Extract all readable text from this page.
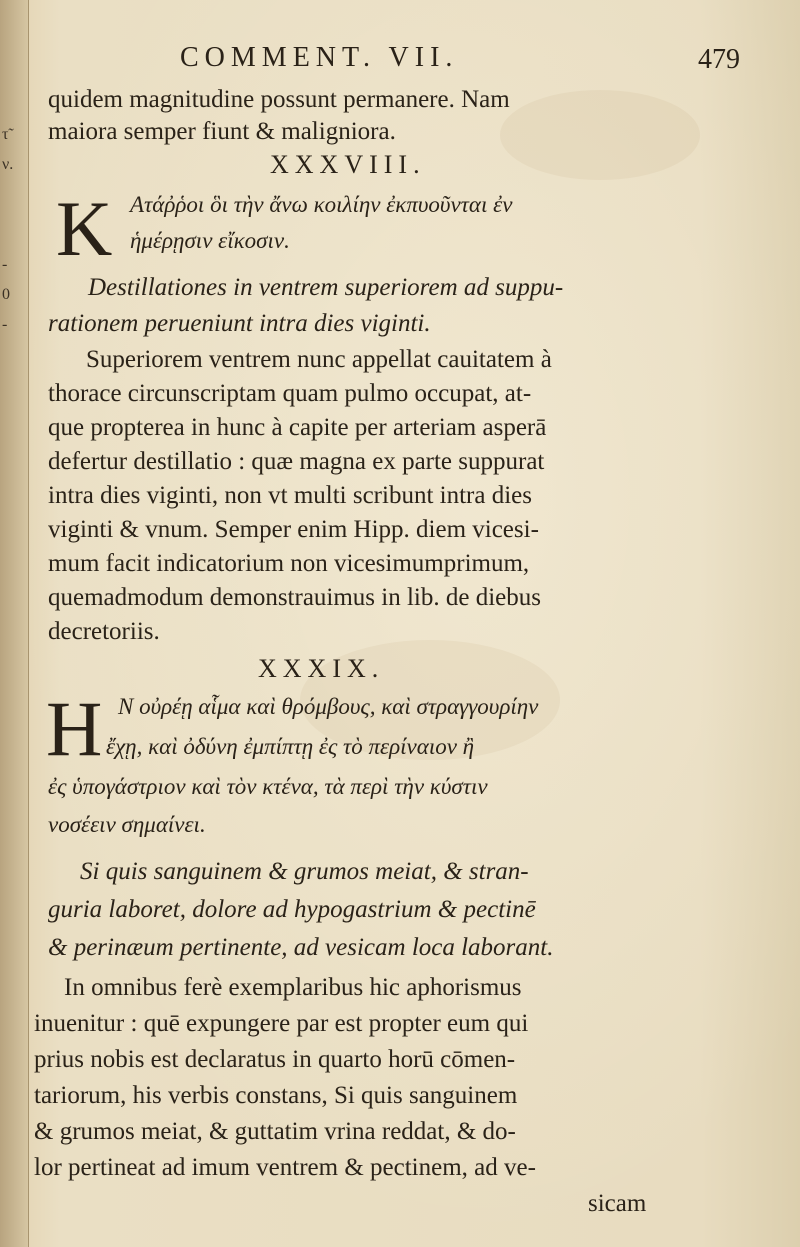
τ̃
ν.
-
0
-
COMMENT. VII.	479
quidem magnitudine possunt permanere. Nam
maiora semper fiunt & maligniora.
XXXVIII.
K Ατάῤῥοι ὃι τὴν ἄνω κοιλίην ἐκπυοῦνται ἐν
ἡμέρῃσιν εἴκοσιν.
Destillationes in ventrem superiorem ad suppu-
rationem perueniunt intra dies viginti.
Superiorem ventrem nunc appellat cauitatem à
thorace circunscriptam quam pulmo occupat, at-
que propterea in hunc à capite per arteriam asperā
defertur destillatio : quæ magna ex parte suppurat
intra dies viginti, non vt multi scribunt intra dies
viginti & vnum. Semper enim Hipp. diem vicesi-
mum facit indicatorium non vicesimumprimum,
quemadmodum demonstrauimus in lib. de diebus
decretoriis.
XXXIX.
H Ν οὐρέῃ αἷμα καὶ θρόμβους, καὶ στραγγουρίην
ἔχῃ, καὶ ὀδύνη ἐμπίπτῃ ἐς τὸ περίναιον ἢ
ἐς ὑπογάστριον καὶ τὸν κτένα, τὰ περὶ τὴν κύστιν
νοσέειν σημαίνει.
Si quis sanguinem & grumos meiat, & stran-
guria laboret, dolore ad hypogastrium & pectinē
& perinæum pertinente, ad vesicam loca laborant.
In omnibus ferè exemplaribus hic aphorismus
inuenitur : quē expungere par est propter eum qui
prius nobis est declaratus in quarto horū cōmen-
tariorum, his verbis constans, Si quis sanguinem
& grumos meiat, & guttatim vrina reddat, & do-
lor pertineat ad imum ventrem & pectinem, ad ve-
sicam
